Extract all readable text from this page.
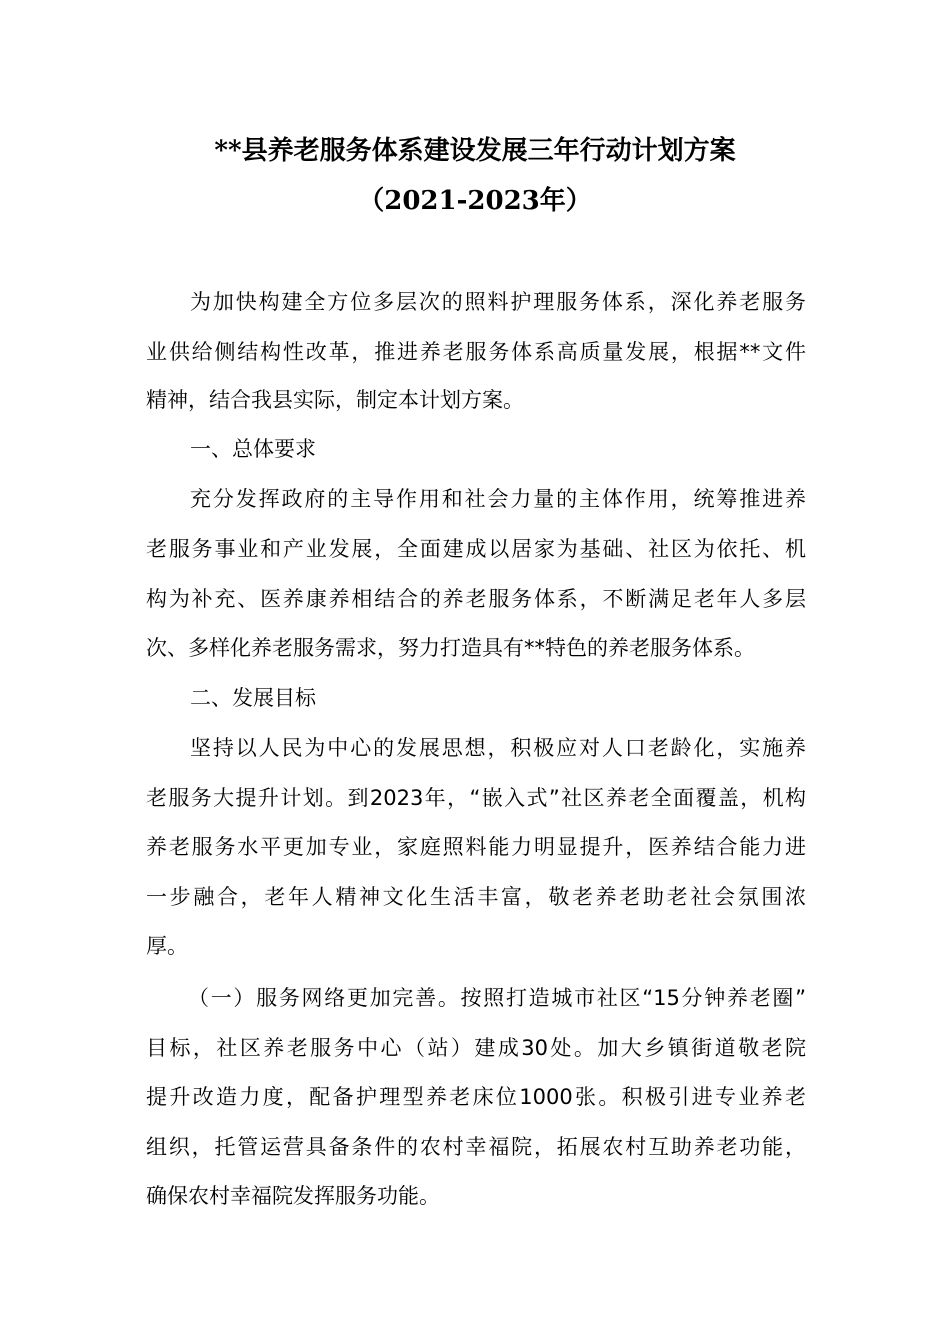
**县养老服务体系建设发展三年行动计划方案
（2021-2023年）
为加快构建全方位多层次的照料护理服务体系，深化养老服务
业供给侧结构性改革，推进养老服务体系高质量发展，根据**文件
精神，结合我县实际，制定本计划方案。
一、总体要求
充分发挥政府的主导作用和社会力量的主体作用，统筹推进养
老服务事业和产业发展，全面建成以居家为基础、社区为依托、机
构为补充、医养康养相结合的养老服务体系，不断满足老年人多层
次、多样化养老服务需求，努力打造具有**特色的养老服务体系。
二、发展目标
坚持以人民为中心的发展思想，积极应对人口老龄化，实施养
老服务大提升计划。到2023年，“嵌入式”社区养老全面覆盖，机构
养老服务水平更加专业，家庭照料能力明显提升，医养结合能力进
一步融合，老年人精神文化生活丰富，敬老养老助老社会氛围浓
厚。
（一）服务网络更加完善。按照打造城市社区“15分钟养老圈”
目标，社区养老服务中心（站）建成30处。加大乡镇街道敬老院
提升改造力度，配备护理型养老床位1000张。积极引进专业养老
组织，托管运营具备条件的农村幸福院，拓展农村互助养老功能，
确保农村幸福院发挥服务功能。
